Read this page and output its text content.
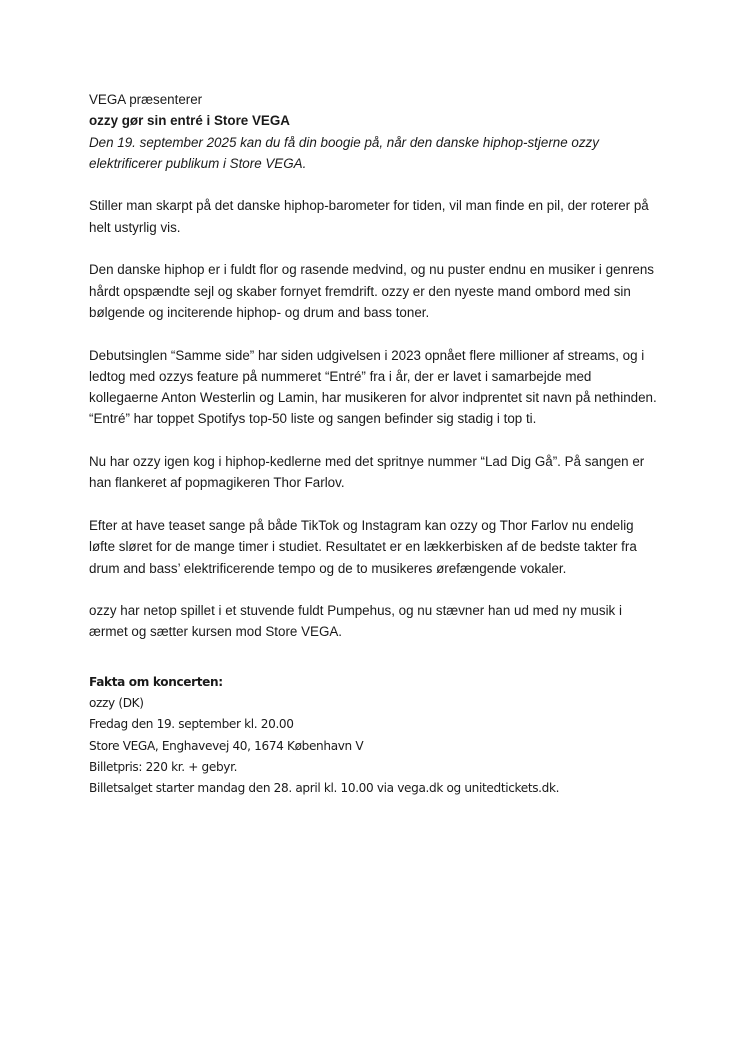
VEGA præsenterer

ozzy gør sin entré i Store VEGA

Den 19. september 2025 kan du få din boogie på, når den danske hiphop-stjerne ozzy elektrificerer publikum i Store VEGA.

Stiller man skarpt på det danske hiphop-barometer for tiden, vil man finde en pil, der roterer på helt ustyrlig vis.

Den danske hiphop er i fuldt flor og rasende medvind, og nu puster endnu en musiker i genrens hårdt opspændte sejl og skaber fornyet fremdrift. ozzy er den nyeste mand ombord med sin bølgende og inciterende hiphop- og drum and bass toner.

Debutsinglen “Samme side” har siden udgivelsen i 2023 opnået flere millioner af streams, og i ledtog med ozzys feature på nummeret “Entré” fra i år, der er lavet i samarbejde med kollegaerne Anton Westerlin og Lamin, har musikeren for alvor indprentet sit navn på nethinden. “Entré” har toppet Spotifys top-50 liste og sangen befinder sig stadig i top ti.

Nu har ozzy igen kog i hiphop-kedlerne med det spritnye nummer “Lad Dig Gå”. På sangen er han flankeret af popmagikeren Thor Farlov.

Efter at have teaset sange på både TikTok og Instagram kan ozzy og Thor Farlov nu endelig løfte sløret for de mange timer i studiet. Resultatet er en lækkerbisken af de bedste takter fra drum and bass’ elektrificerende tempo og de to musikeres ørefængende vokaler.

ozzy har netop spillet i et stuvende fuldt Pumpehus, og nu stævner han ud med ny musik i ærmet og sætter kursen mod Store VEGA.

Fakta om koncerten:

ozzy (DK)

Fredag den 19. september kl. 20.00

Store VEGA, Enghavevej 40, 1674 København V

Billetpris: 220 kr. + gebyr.

Billetsalget starter mandag den 28. april kl. 10.00 via vega.dk og unitedtickets.dk.
